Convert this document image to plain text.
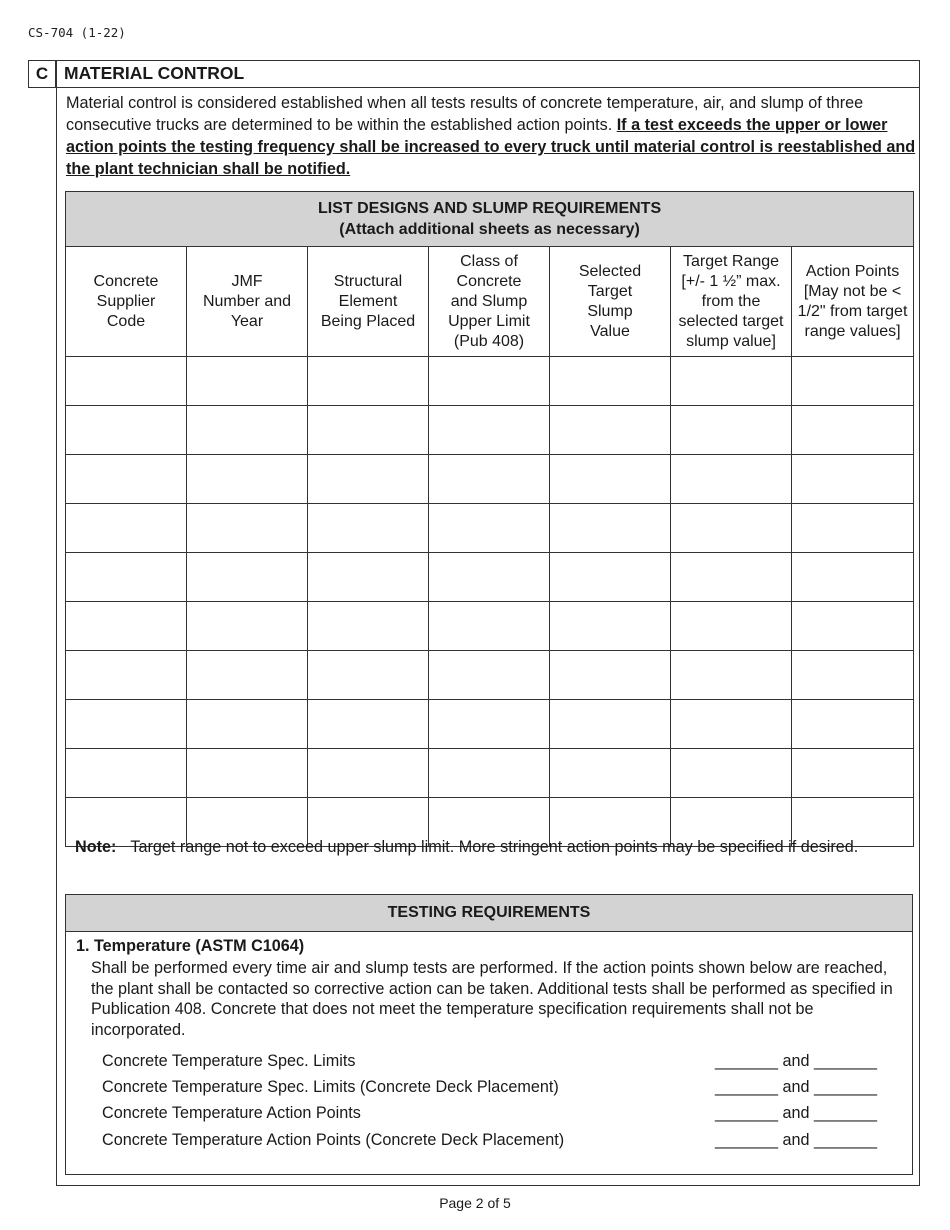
CS-704 (1-22)
C MATERIAL CONTROL
Material control is considered established when all tests results of concrete temperature, air, and slump of three consecutive trucks are determined to be within the established action points. If a test exceeds the upper or lower action points the testing frequency shall be increased to every truck until material control is reestablished and the plant technician shall be notified.
LIST DESIGNS AND SLUMP REQUIREMENTS
(Attach additional sheets as necessary)						

Concrete
Supplier
Code	JMF
Number and
Year	Structural
Element
Being Placed	Class of
Concrete
and Slump
Upper Limit
(Pub 408)	Selected
Target
Slump
Value	Target Range
[+/- 1 ½” max.
from the
selected target
slump value]	Action Points
[May not be <
1/2" from target
range values]

Note: Target range not to exceed upper slump limit. More stringent action points may be specified if desired.
TESTING REQUIREMENTS
1. Temperature (ASTM C1064)
Shall be performed every time air and slump tests are performed. If the action points shown below are reached, the plant shall be contacted so corrective action can be taken. Additional tests shall be performed as specified in Publication 408. Concrete that does not meet the temperature specification requirements shall not be incorporated.
Concrete Temperature Spec. Limits	_______ and _______
Concrete Temperature Spec. Limits (Concrete Deck Placement)	_______ and _______
Concrete Temperature Action Points	_______ and _______
Concrete Temperature Action Points (Concrete Deck Placement)	_______ and _______
Page 2 of 5
